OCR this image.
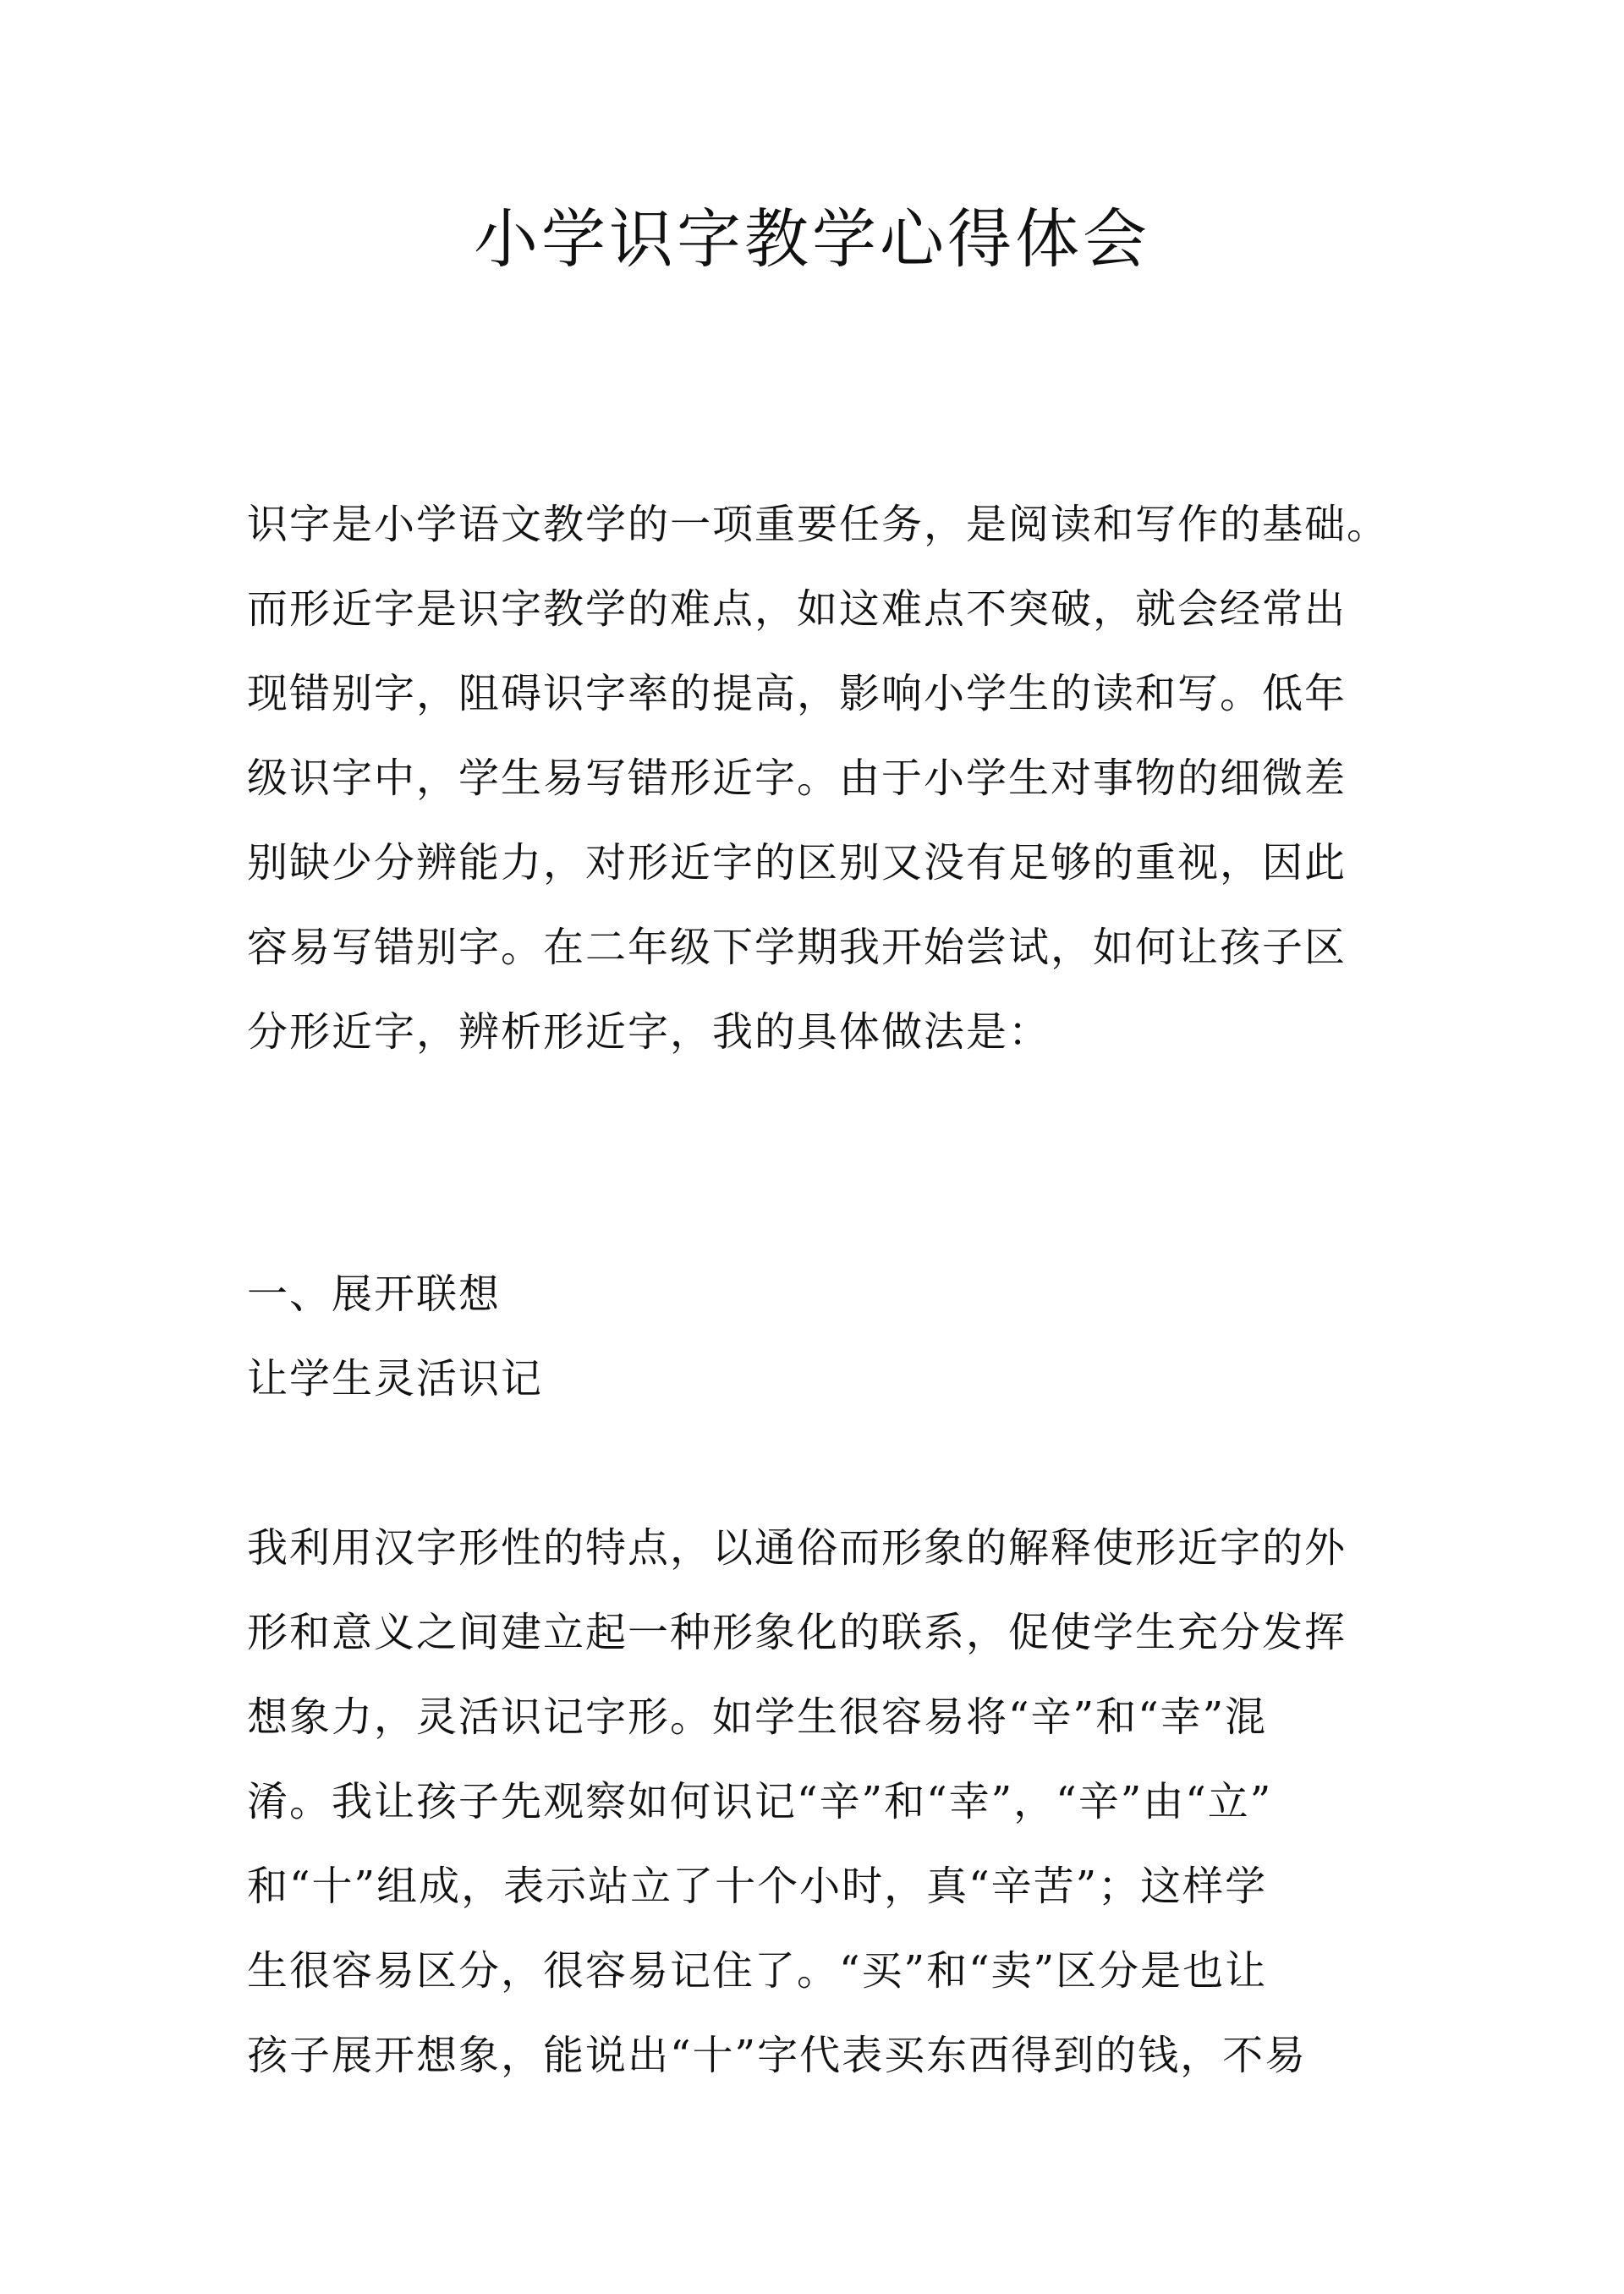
小学识字教学心得体会
识字是小学语文教学的一项重要任务，是阅读和写作的基础。
而形近字是识字教学的难点，如这难点不突破，就会经常出
现错别字，阻碍识字率的提高，影响小学生的读和写。低年
级识字中，学生易写错形近字。由于小学生对事物的细微差
别缺少分辨能力，对形近字的区别又没有足够的重视，因此
容易写错别字。在二年级下学期我开始尝试，如何让孩子区
分形近字，辨析形近字，我的具体做法是：
一、展开联想
让学生灵活识记
我利用汉字形性的特点，以通俗而形象的解释使形近字的外
形和意义之间建立起一种形象化的联系，促使学生充分发挥
想象力，灵活识记字形。如学生很容易将“辛”和“幸”混
淆。我让孩子先观察如何识记“辛”和“幸”，“辛”由“立”
和“十”组成，表示站立了十个小时，真“辛苦”；这样学
生很容易区分，很容易记住了。“买”和“卖”区分是也让
孩子展开想象，能说出“十”字代表买东西得到的钱，不易
